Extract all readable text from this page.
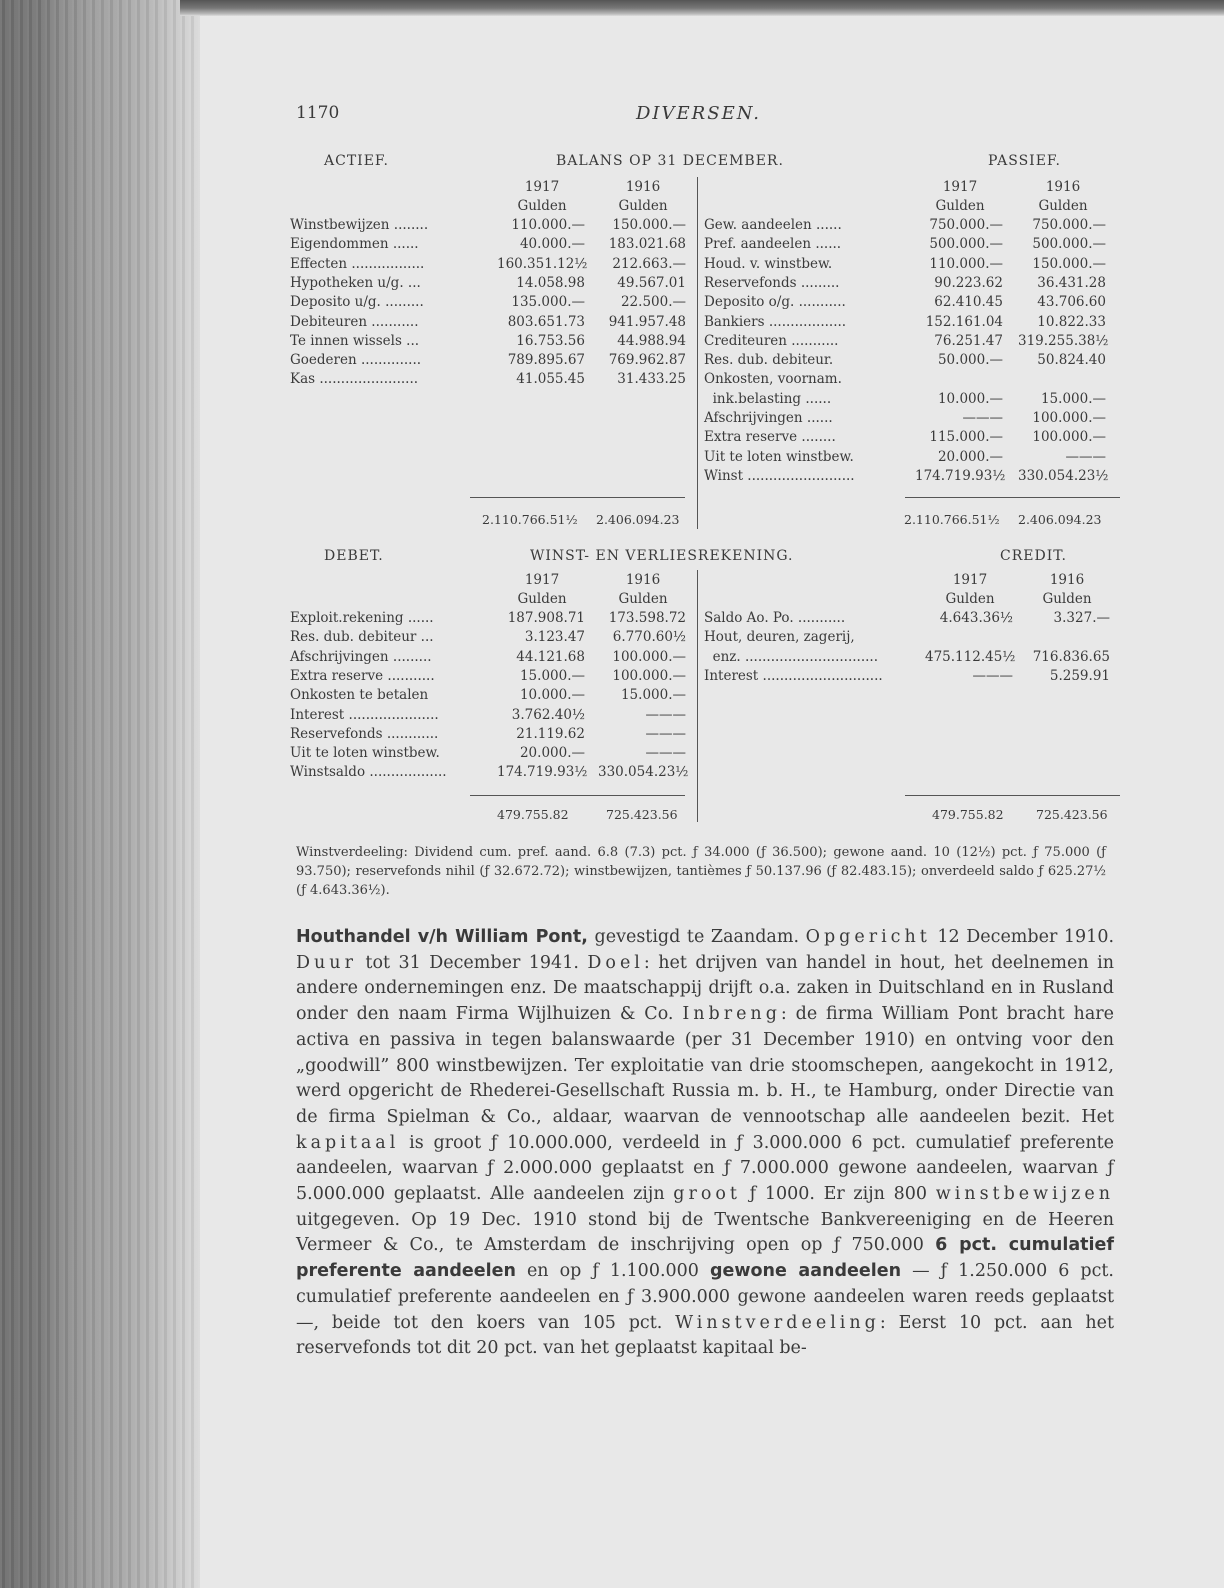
1170	DIVERSEN.
ACTIEF.	BALANS OP 31 DECEMBER.	PASSIEF.
1917	1916
Gulden	Gulden
Winstbewijzen ........	110.000.—	150.000.—
Eigendommen ......	40.000.—	183.021.68
Effecten .................	160.351.12½	212.663.—
Hypotheken u/g. ...	14.058.98	49.567.01
Deposito u/g. .........	135.000.—	22.500.—
Debiteuren ...........	803.651.73	941.957.48
Te innen wissels ...	16.753.56	44.988.94
Goederen ..............	789.895.67	769.962.87
Kas .......................	41.055.45	31.433.25
1917	1916
Gulden	Gulden
Gew. aandeelen ......	750.000.—	750.000.—
Pref. aandeelen ......	500.000.—	500.000.—
Houd. v. winstbew.	110.000.—	150.000.—
Reservefonds .........	90.223.62	36.431.28
Deposito o/g. ...........	62.410.45	43.706.60
Bankiers ..................	152.161.04	10.822.33
Crediteuren ...........	76.251.47 319.255.38½
Res. dub. debiteur.	50.000.—	50.824.40
Onkosten, voornam.
ink.belasting ......	10.000.—	15.000.—
Afschrijvingen ......	———	100.000.—
Extra reserve ........	115.000.—	100.000.—
Uit te loten winstbew.	20.000.—	———
Winst .........................	174.719.93½ 330.054.23½
2.110.766.51½ 2.406.094.23	2.110.766.51½ 2.406.094.23
DEBET.	WINST- EN VERLIESREKENING.	CREDIT.
1917	1916
Gulden	Gulden
Exploit.rekening ......	187.908.71	173.598.72
Res. dub. debiteur ...	3.123.47	6.770.60½
Afschrijvingen .........	44.121.68	100.000.—
Extra reserve ...........	15.000.—	100.000.—
Onkosten te betalen	10.000.—	15.000.—
Interest .....................	3.762.40½	———
Reservefonds ............	21.119.62	———
Uit te loten winstbew.	20.000.—	———
Winstsaldo ..................	174.719.93½ 330.054.23½
1917	1916
Gulden	Gulden
Saldo Ao. Po. ...........	4.643.36½	3.327.—
Hout, deuren, zagerij,
enz. ...............................	475.112.45½	716.836.65
Interest ............................	———	5.259.91
479.755.82	725.423.56	479.755.82	725.423.56
Winstverdeeling: Dividend cum. pref. aand. 6.8 (7.3) pct. ƒ 34.000 (ƒ 36.500); gewone aand. 10 (12½) pct. ƒ 75.000 (ƒ 93.750); reservefonds nihil (ƒ 32.672.72); winstbewijzen, tantièmes ƒ 50.137.96 (ƒ 82.483.15); onverdeeld saldo ƒ 625.27½ (ƒ 4.643.36½).

Houthandel v/h William Pont, gevestigd te Zaandam. Opgericht 12 December 1910. Duur tot 31 December 1941. Doel: het drijven van handel in hout, het deelnemen in andere ondernemingen enz. De maatschappij drijft o.a. zaken in Duitschland en in Rusland onder den naam Firma Wijlhuizen & Co. Inbreng: de firma William Pont bracht hare activa en passiva in tegen balanswaarde (per 31 December 1910) en ontving voor den „goodwill” 800 winstbewijzen. Ter exploitatie van drie stoomschepen, aangekocht in 1912, werd opgericht de Rhederei-Gesellschaft Russia m. b. H., te Hamburg, onder Directie van de firma Spielman & Co., aldaar, waarvan de vennootschap alle aandeelen bezit. Het kapitaal is groot ƒ 10.000.000, verdeeld in ƒ 3.000.000 6 pct. cumulatief preferente aandeelen, waarvan ƒ 2.000.000 geplaatst en ƒ 7.000.000 gewone aandeelen, waarvan ƒ 5.000.000 geplaatst. Alle aandeelen zijn groot ƒ 1000. Er zijn 800 winstbewijzen uitgegeven. Op 19 Dec. 1910 stond bij de Twentsche Bankvereeniging en de Heeren Vermeer & Co., te Amsterdam de inschrijving open op ƒ 750.000 6 pct. cumulatief preferente aandeelen en op ƒ 1.100.000 gewone aandeelen — ƒ 1.250.000 6 pct. cumulatief preferente aandeelen en ƒ 3.900.000 gewone aandeelen waren reeds geplaatst —, beide tot den koers van 105 pct. Winstverdeeling: Eerst 10 pct. aan het reservefonds tot dit 20 pct. van het geplaatst kapitaal be-
